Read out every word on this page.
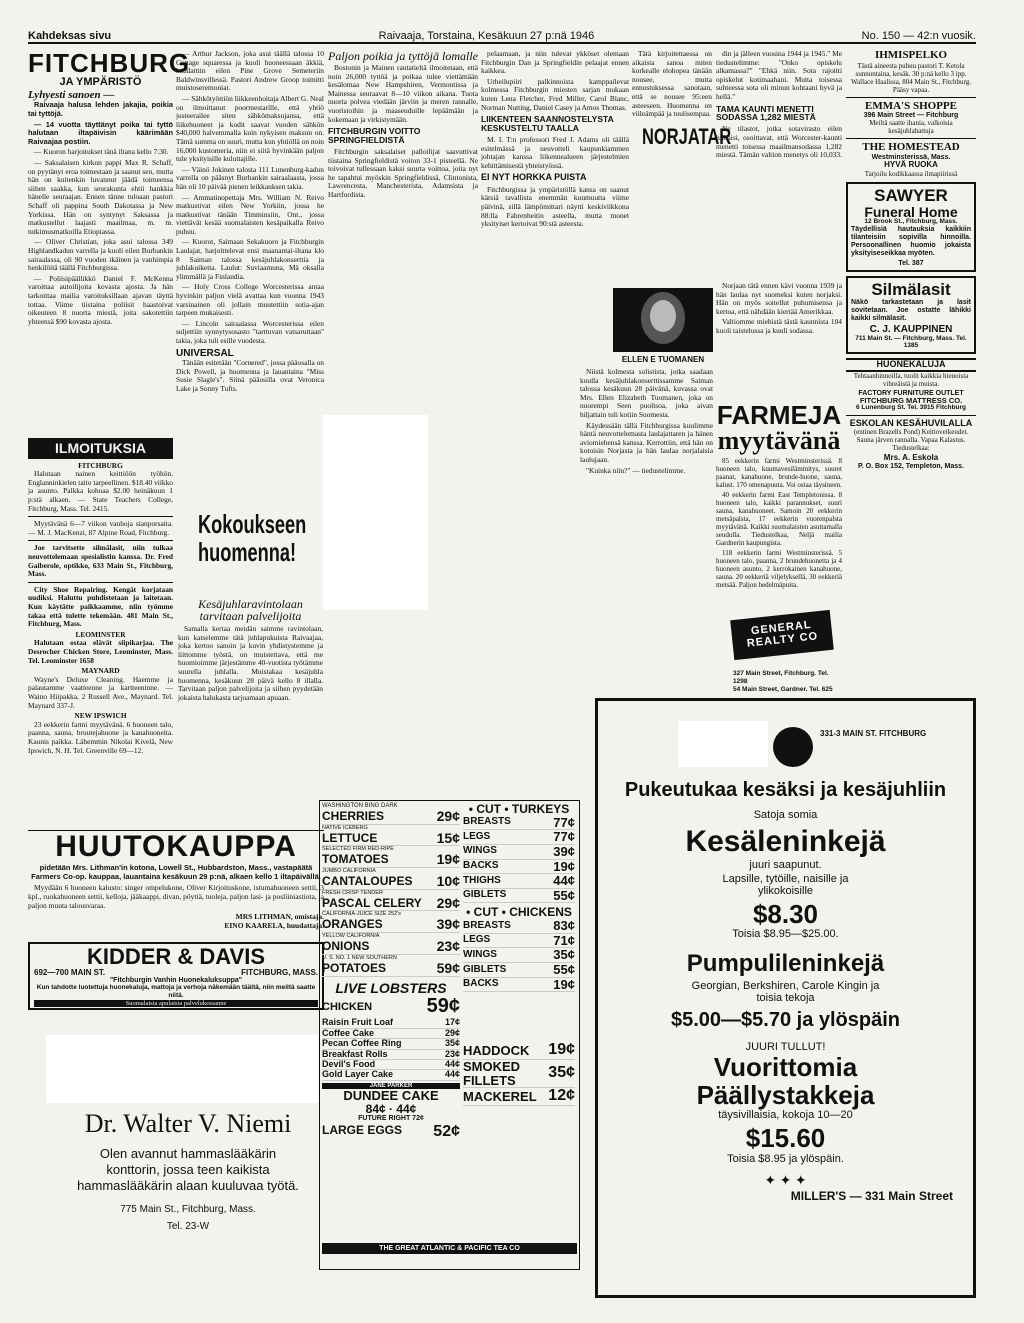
Kahdeksas sivu	Raivaaja, Torstaina, Kesäkuun 27 p:nä 1946	No. 150 — 42:n vuosik.
FITCHBURG
JA YMPÄRISTÖ
Lyhyesti sanoen —

Raivaaja halusa lehden jakajia, poikia tai tyttöjä.

— 14 vuotta täyttänyt poika tai tyttö halutaan iltapäivisin käärimään Raivaajaa postiin.

— Kuoron harjoitukset tänä iltana kello 7:30.

— Saksalaisen kirkon pappi Max R. Schaff, on pyytänyt eroa toimestaan ja saanut sen, mutta hän on kuitenkin luvannut jäädä toimeensa siihen saakka, kun seurakunta ehtii hankkia hänelle seuraajan. Ennen tänne tuloaan pastori Schaff oli pappina South Dakotassa ja New Yorkissa. Hän on syntynyt Saksassa ja matkustellut laajasti maailmaa, m. m. tutkimusmatkoilla Etiopiassa.

— Oliver Christian, joka asui talossa 349 Highlandkadun varrella ja kuoli eilen Burbankin sairaalassa, oli 90 vuoden ikäinen ja vanhimpia henkilöitä täällä Fitchburgissa.

— Poliisipäällikkö Daniel F. McKenna varoittaa autoilijoita kovasta ajosta. Ja hän tarkoittaa mailia varoituksillaan ajavan täyttä tottaa. Viime tiistaina poliisit haastoivat oikeuteen 8 nuorta miestä, joita sakotettiin yhteensä $90 kovasta ajosta.

ILMOITUKSIA
FITCHBURG

Halutaan nainen keittiöön työhön. Englanninkielen taito tarpeellinen. $18.40 viikko ja asunto. Palkka kohoaa $2.00 heinäkuun 1 p:stä alkaen. — State Teachers College, Fitchburg, Mass. Tel. 2415.

Myytävänä 6—7 viikon vanhoja sianporsaita. — M. J. MacKenzi, 87 Alpine Road, Fitchburg.

Joe tarvitsette silmälasit, niin tulkaa neuvottelemaan spesialistin kanssa. Dr. Fred Gaiberole, optikko, 633 Main St., Fitchburg, Mass.

City Shoe Repairing. Kengät korjataan uudiksi. Haluttu puhdistetaan ja laitetaan. Kun käytätte paikkaamme, niin työmme takaa että tulette tekemään. 481 Main St., Fitchburg, Mass.

LEOMINSTER

Halutaan ostaa elävät siipikarjaa. The Desrocher Chicken Store, Leominster, Mass. Tel. Leominster 1658

MAYNARD

Wayne's Deluxe Cleaning. Haemme ja palautamme vaatteenne ja kartteeninne. — Waino Hiipakka, 2 Russell Ave., Maynard. Tel. Maynard 337-J.

NEW IPSWICH

23 eekkerin farmi myytävänä. 6 huoneen talo, paanna, sauna, bruutejahuone ja kanahuoneita. Kaunis paikka. Lähemmin Nikolai Kivelä, New Ipswich, N. H. Tel. Greenville 69—12.

— Arthur Jackson, joka asui täällä talossa 10 Cottage squaressa ja kuoli huoneessaan äkkiä, haudattiin eilen Pine Grove Semeteriin Baldwinsvillessä. Pastori Andrew Groop toimitti muistoseremoniat.

— Sähkötyöttiön liikkeenhoitaja Albert G. Neal on ilmoittanut poormestarille, että yhtiö justeerailee siten sähkömaksujansa, että liikehuoneet ja kodit saavat vuoden sähkön $40,000 halvemmalla kuin nykyisen maksun on. Tämä summa on suuri, mutta kun yhtiöllä on noin 16,000 kustomeria, niin ei siitä hyvinkään paljon tule yksityisille kuluttajille.

— Väinö Jokinen talosta 111 Lunenburg-kadun varrella on pääsnyt Burbankin sairaalaasta, jossa hän oli 10 päivää pienen leikkauksen takia.

— Ammatinopettaja Mrs. William N. Reivo matkustivat eilen New Yorkiin, jossa he matkustivat tänään Timminsiin, Ont., jossa viettävät kesää suomalaisten kesäpaikalla Reivo puhuu.

— Kuorot, Saimaan Sekakuoro ja Fitchburgin Laulajat, harjoittelevat ensi maanantai-iltana klo 8 Saiman talossa kesäjuhlakonserttia ja juhlakuiketta. Laulut: Suviaamuna, Mä oksalla ylimmällä ja Finlandia.

— Holy Cross College Worcesterissa antaa hyvinkin paljon vielä avattaa kun vuonna 1943 varsinainen oli jollain muutettiin sotia-ajan tarpeen mukaisesti.

— Lincoln sairaalassa Worcesterissa eilen suljettiin synnytysosasto "tarttuvan vatsaruttaan" takia, joka tuli esille vuodesta.

UNIVERSAL

Tänään esitetään "Cornered", jossa pääosalla on Dick Powell, ja huomenna ja lauantaina "Miss Susie Slagle's". Siinä pääosilla ovat Veronica Lake ja Sonny Tufts.

Paljon poikia ja tyttöjä lomalle

Bostonin ja Mainen rautatieltä ilmoitetaan, että noin 26,000 tyttöä ja poikaa tulee viettämään kesälomaa New Hampshiren, Vermontissa ja Mainessa seuraavat 8—10 viikon aikana. Tuota nuorta polvea viedään järviin ja meren rannalle, vuoristoihin ja maaseuduille lepäämään ja kokemaan ja virkistymään.

FITCHBURGIN VOITTO SPRINGFIELDISTÄ

Fitchburgin saksalaiset palloilijat saavuttivat tiistaina Springfieldistä voiton 33-1 pisteellä. Ne toivoivat tullessaan kaksi suurta voittoa, joita nyt he tapahtui myöskin Springfieldissä, Clintonista, Lawrencesta, Manchesterista, Adamsista ja Hartfordista.

Kokoukseen huomenna!
Kesäjuhlaravintolaan tarvitaan palvelijoita

Samalla kertaa meidän saimme ravintolaan, kun katselemme tätä juhlapukuista Raivaajaa, joka kertoo sanoin ja kuvin yhdistystemme ja liittomme työstä, on muistettava, että me huomioimme järjestämme 40-vuotista työtämme suurella juhlalla. Muistakaa kesäjuhla huomenna, kesäkuun 28 päivä kello 8 illalla. Tarvitaan paljon palvelijoita ja siihen pyydetään jokaista halukasta tarjoamaan apuaan.

pelaamaan, ja niin tulevat ykköset olemaan Fitchburgin Dan ja Springfieldin pelaajat ennen kaikkea.

Urheilupiiri palkinnoista kamppailevat kolmessa Fitchburgin miesten sarjan mukaan kuten Lena Fletcher, Fred Miller, Carol Blanc, Norman Nutting, Daniel Casey ja Amos Thomas.

LIIKENTEEN SAANNOSTELYSTA KESKUSTELTU TAALLA

M. I. T:n professori Fred J. Adams oli täällä esitelmässä ja neuvotteli kaupunkiammen johtajan kanssa liikennealueen järjestelmien kehittämisestä yhteistyössä.

EI NYT HORKKA PUISTA

Fitchburgissa ja ympäristöllä kansa on saanut kärsiä tavallista enemmän kuumuutta viime päivinä, sillä lämpömittari näytti keskiviikkona 88:lla Fahrenheitin asteella, mutta monet yksityiset kertoivat 90:stä asteesta.

Tätä kirjoitettaessa on aikaista sanoa miten korkealle elohopea tänään nousee, mutta ennustuksessa sanotaan, että se nousee 95:een asteeseen. Huomenna on viileämpää ja tuulisempaa.

NORJATAR
ELLEN E TUOMANEN

Niistä kolmesta solistista, jotka saadaan kuulla kesäjuhlakonserttissamme Saiman talossa kesäkuun 28 päivänä, kuvassa ovat Mrs. Ellen Elizabeth Tuomanen, joka on nuorempi Seen puolisoa, joka aivan hiljattain tuli kotiin Suomesta.

Käydessään tällä Fitchburgissa kuulimme häntä neuvottelemasta laulajattaren ja hänen aviomiehensä kanssa. Kerrottiin, että hän on kotoisin Norjasta ja hän laulaa norjalaisia laulujaan.

"Kuinka niin?" — tiedustelimme.

din ja jälleen vuosina 1944 ja 1945." Me tiedustelimme: "Onko opiskelu alkamassa?" "Ehkä niin. Sota rajoitti opiskelut kotimaahani. Mutta toisessa suhteessa sota oli minun kohtaani hyvä ja hellä."

TAMA KAUNTI MENETTI SODASSA 1,282 MIESTÄ

Ne tilastot, jotka sotavirasto eilen julkaisi, osoittavat, että Worcester-kaunti menetti toisessa maailmansodassa 1,282 miestä. Tämän valtion menetys oli 10,033.

Norjaan tätä ennen kävi vuonna 1939 ja hän laulaa nyt suomeksi kuten norjaksi. Hän on myös soitellut puhumisensa ja kertoa, että nähdään kiertää Amerikkaa.

Valtiomme miehistä tästä kaunnista 104 kuoli taistelussa ja kuuli sodassa.

FARMEJA
myytävänä

85 eekkerin farmi Westminsterissä. 8 huoneen talo, kuumavesilämmitys, suuret paanat, kanahuone, brunde-huone, sauna, kalust. 170 omenapuuta. Voi ostaa täysineen.

40 eekkerin farmi East Templetonissa. 8 huoneen talo, kaikki parannukset, suuri sauna, kanahuoneet. Samoin 20 eekkerin metsäpalsta, 17 eekkerin vuorenpalsta myytävänä. Kaikki suomalaisten asuttamalla seudulla. Tiedustelkaa, Neljä mailia Gardnerin kaupungista.

118 eekkerin farmi Westminsterissä. 5 huoneen talo, paanna, 2 brundehuonetta ja 4 huoneen asunto, 2 kerrokainen kanahuone, sauna. 20 eekkeriä viljelyksellä, 30 eekkeriä metsää. Paljon hedelmäpuita.

GENERAL REALTY CO
327 Main Street, Fitchburg. Tel. 1298
54 Main Street, Gardner. Tel. 625
IHMISPELKO

Tästä aineesta puhuu pastori T. Ketola sunnuntaina, kesäk. 30 p:nä kello 3 ipp. Wallace Haalissa, 804 Main St., Fitchburg. Pääsy vapaa.

EMMA'S SHOPPE
396 Main Street — Fitchburg

Meiltä saatte ihania, valkoisia kesäjuhlahattuja

THE HOMESTEAD
Westminsterissä, Mass.
HYVÄ RUOKA

Tarjoilu kodikkaassa ilmapiirissä

SAWYER
Funeral Home
12 Brook St., Fitchburg, Mass.

Täydellisiä hautauksia kaikkiin tilanteisiin sopivilla hinnoilla. Persoonallinen huomio jokaista yksityiseseikkaa myöten.

Tel. 387
Silmälasit

Näkö tarkastetaan ja lasit sovitetaan. Joe ostatte lähikki kaikki silmälasit.

C. J. KAUPPINEN
711 Main St. — Fitchburg, Mass. Tel. 1385
HUONEKALUJA

Tehtaanhinnoilla, tuolit kaikkia hienoista vihreäistä ja muista.

FACTORY FURNITURE OUTLET
FITCHBURG MATTRESS CO.
6 Lunenburg St. Tel. 3915 Fitchburg
ESKOLAN KESÄHUVILALLA

(entinen Brazells Pond) Keittoveikeudet. Sauna järven rannalla. Vapaa Kalastus. Tiedustelkaa:

Mrs. A. Eskola
P. O. Box 152, Templeton, Mass.
HUUTOKAUPPA
pidetään Mrs. Lithman'in kotona, Lowell St., Hubbardston, Mass., vastapäätä Farmers Co-op. kauppaa, lauantaina kesäkuun 29 p:nä, alkaen kello 1 iltapäivällä.

Myydään 6 huoneen kalusto: singer ompelukone, Oliver Kirjoituskone, istumahuoneen settii, 3 kpl., ruokahuoneen settii, kelloja, jääkaappi, divan, pöytiä, tuoleja, paljon lasi- ja posliiniastiota, ja paljon muuta talousvaraa.

MRS LITHMAN, omistaja.
EINO KAARELA, huudattaja.
KIDDER & DAVIS
692—700 MAIN ST.	FITCHBURG, MASS.
"Fitchburgin Vanhin Huonekaluksuppa"
Kun tahdotte luotettuja huonekaluja, mattoja ja verhoja näkemään täältä, niin meiltä saatte niitä.
Suomalaisia apulaisia palvelukessanne
Dr. Walter V. Niemi
Olen avannut hammaslääkärin konttorin, jossa teen kaikista hammaslääkärin alaan kuuluvaa työtä.
775 Main St., Fitchburg, Mass.
Tel. 23-W
WASHINGTON BING DARK
CHERRIES	29¢
NATIVE ICEBERG
LETTUCE	15¢
SELECTED FIRM RED-RIPE
TOMATOES	19¢
JUMBO CALIFORNIA
CANTALOUPES 10¢
FRESH CRISP TENDER
PASCAL CELERY 29¢
CALIFORNIA-JUICE SIZE 252's
ORANGES	39¢
YELLOW CALIFORNIA
ONIONS	23¢
U. S. NO. 1 NEW SOUTHERN
POTATOES	59¢
LIVE LOBSTERS
CHICKEN	59¢
Raisin Fruit Loaf	17¢
Coffee Cake	29¢
Pecan Coffee Ring	35¢
Breakfast Rolls	23¢
Devil's Food	44¢
Gold Layer Cake	44¢
JANE PARKER
DUNDEE CAKE
84¢ · 44¢
FUTURE RIGHT 72¢
LARGE EGGS 52¢
• CUT • TURKEYS
BREASTS	77¢
LEGS	77¢
WINGS	39¢
BACKS	19¢
THIGHS	44¢
GIBLETS	55¢
• CUT • CHICKENS
BREASTS	83¢
LEGS	71¢
WINGS	35¢
GIBLETS	55¢
BACKS	19¢
HADDOCK 19¢
SMOKED FILLETS	35¢
MACKEREL 12¢
THE GREAT ATLANTIC & PACIFIC TEA CO
331-3 MAIN ST. FITCHBURG
Pukeutukaa kesäksi ja kesäjuhliin
Satoja somia
Kesäleninkejä
juuri saapunut.
Lapsille, tytöille, naisille ja ylikokoisille
$8.30
Toisia $8.95—$25.00.
Pumpulileninkejä
Georgian, Berkshiren, Carole Kingin ja toisia tekoja
$5.00—$5.70 ja ylöspäin
JUURI TULLUT!
Vuorittomia
Päällystakkeja
täysivillaisia, kokoja 10—20
$15.60
Toisia $8.95 ja ylöspäin.
✦ ✦ ✦
MILLER'S — 331 Main Street
